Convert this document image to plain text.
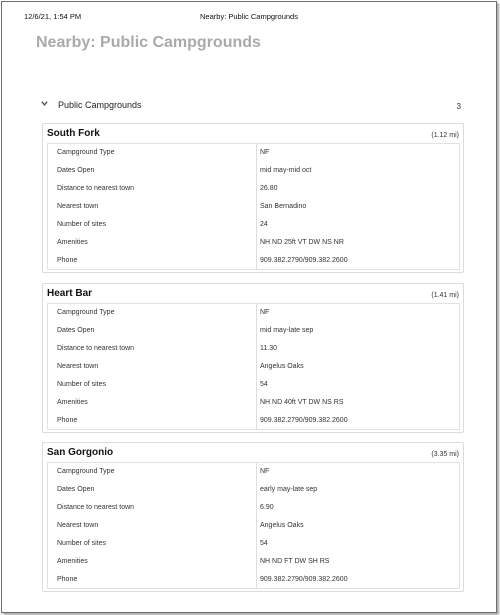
12/6/21, 1:54 PM	Nearby: Public Campgrounds
Nearby: Public Campgrounds
Public Campgrounds	3
South Fork	(1.12 mi)
Campground Type	NF
Dates Open	mid may-mid oct
Distance to nearest town	26.80
Nearest town	San Bernadino
Number of sites	24
Amenities	NH ND 25ft VT DW NS NR
Phone	909.382.2790/909.382.2600
Heart Bar	(1.41 mi)
Campground Type	NF
Dates Open	mid may-late sep
Distance to nearest town	11.30
Nearest town	Angelus Oaks
Number of sites	54
Amenities	NH ND 40ft VT DW NS RS
Phone	909.382.2790/909.382.2600
San Gorgonio	(3.35 mi)
Campground Type	NF
Dates Open	early may-late sep
Distance to nearest town	6.90
Nearest town	Angelus Oaks
Number of sites	54
Amenities	NH ND FT DW SH RS
Phone	909.382.2790/909.382.2600
